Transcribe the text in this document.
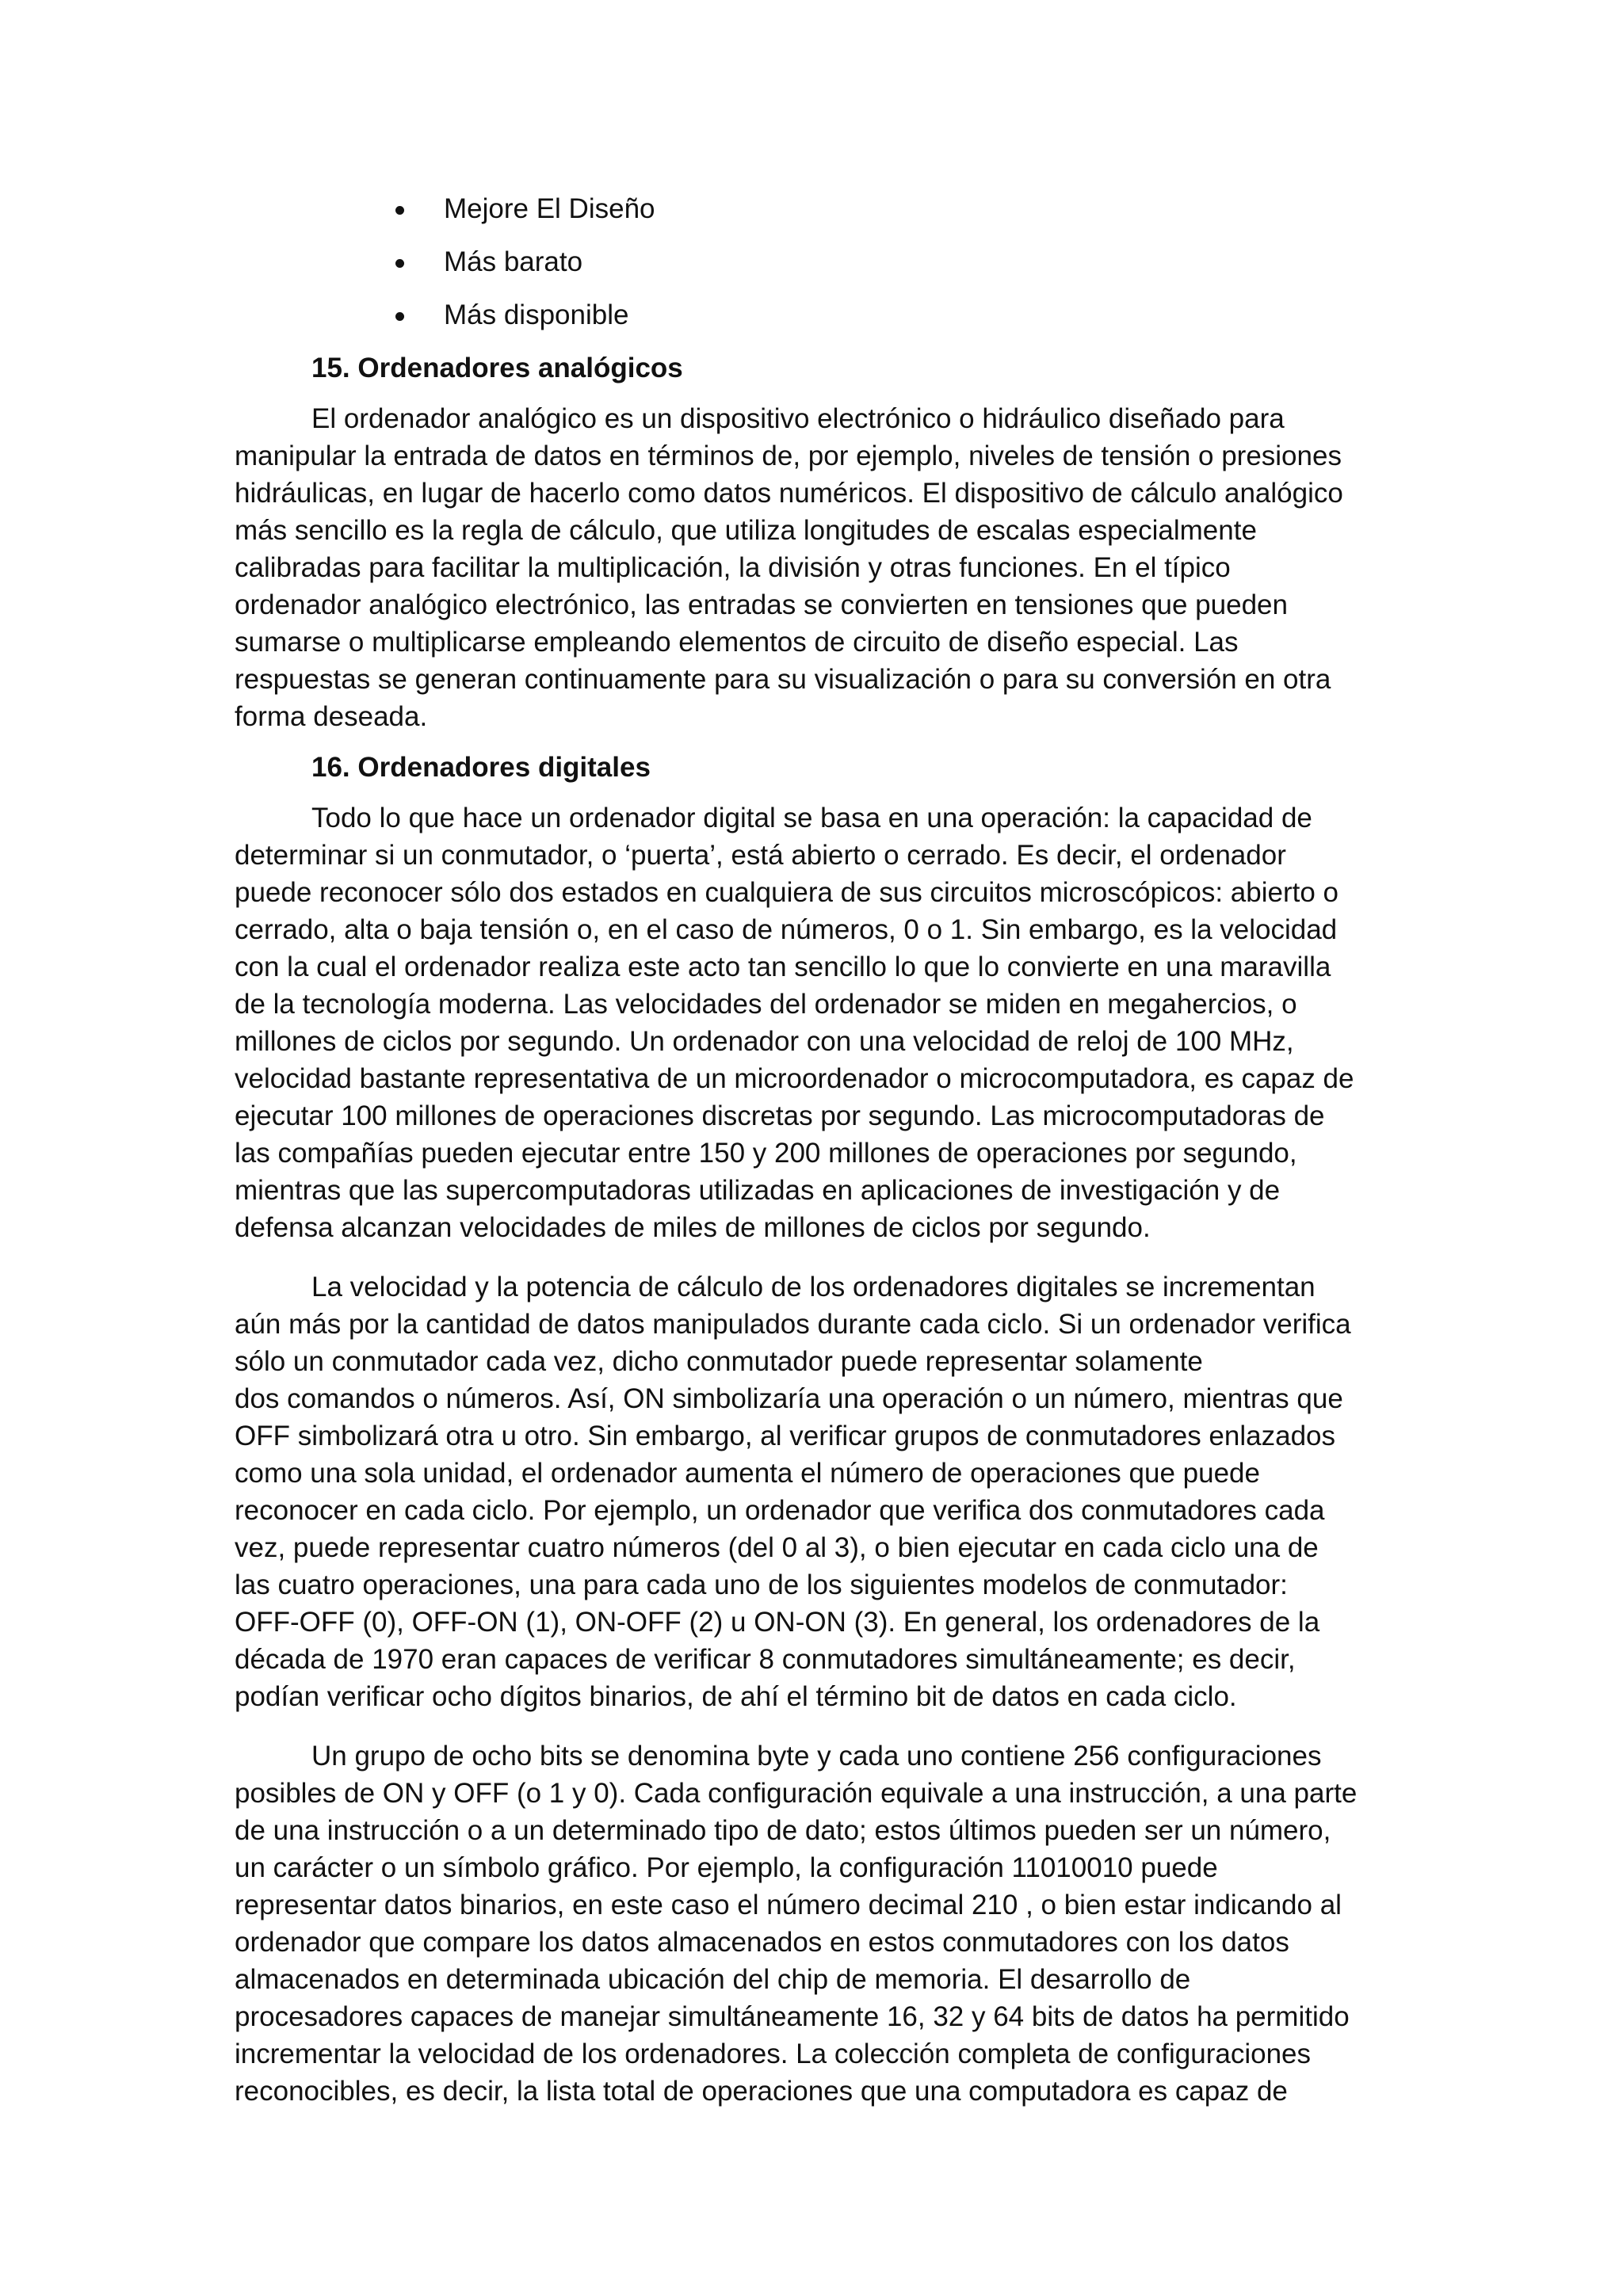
Mejore El Diseño
Más barato
Más disponible
15. Ordenadores analógicos

El ordenador analógico es un dispositivo electrónico o hidráulico diseñado para
manipular la entrada de datos en términos de, por ejemplo, niveles de tensión o presiones
hidráulicas, en lugar de hacerlo como datos numéricos. El dispositivo de cálculo analógico
más sencillo es la regla de cálculo, que utiliza longitudes de escalas especialmente
calibradas para facilitar la multiplicación, la división y otras funciones. En el típico
ordenador analógico electrónico, las entradas se convierten en tensiones que pueden
sumarse o multiplicarse empleando elementos de circuito de diseño especial. Las
respuestas se generan continuamente para su visualización o para su conversión en otra
forma deseada.

16. Ordenadores digitales

Todo lo que hace un ordenador digital se basa en una operación: la capacidad de
determinar si un conmutador, o ‘puerta’, está abierto o cerrado. Es decir, el ordenador
puede reconocer sólo dos estados en cualquiera de sus circuitos microscópicos: abierto o
cerrado, alta o baja tensión o, en el caso de números, 0 o 1. Sin embargo, es la velocidad
con la cual el ordenador realiza este acto tan sencillo lo que lo convierte en una maravilla
de la tecnología moderna. Las velocidades del ordenador se miden en megahercios, o
millones de ciclos por segundo. Un ordenador con una velocidad de reloj de 100 MHz,
velocidad bastante representativa de un microordenador o microcomputadora, es capaz de
ejecutar 100 millones de operaciones discretas por segundo. Las microcomputadoras de
las compañías pueden ejecutar entre 150 y 200 millones de operaciones por segundo,
mientras que las supercomputadoras utilizadas en aplicaciones de investigación y de
defensa alcanzan velocidades de miles de millones de ciclos por segundo.

La velocidad y la potencia de cálculo de los ordenadores digitales se incrementan
aún más por la cantidad de datos manipulados durante cada ciclo. Si un ordenador verifica
sólo un conmutador cada vez, dicho conmutador puede representar solamente
dos comandos o números. Así, ON simbolizaría una operación o un número, mientras que
OFF simbolizará otra u otro. Sin embargo, al verificar grupos de conmutadores enlazados
como una sola unidad, el ordenador aumenta el número de operaciones que puede
reconocer en cada ciclo. Por ejemplo, un ordenador que verifica dos conmutadores cada
vez, puede representar cuatro números (del 0 al 3), o bien ejecutar en cada ciclo una de
las cuatro operaciones, una para cada uno de los siguientes modelos de conmutador:
OFF-OFF (0), OFF-ON (1), ON-OFF (2) u ON-ON (3). En general, los ordenadores de la
década de 1970 eran capaces de verificar 8 conmutadores simultáneamente; es decir,
podían verificar ocho dígitos binarios, de ahí el término bit de datos en cada ciclo.

Un grupo de ocho bits se denomina byte y cada uno contiene 256 configuraciones
posibles de ON y OFF (o 1 y 0). Cada configuración equivale a una instrucción, a una parte
de una instrucción o a un determinado tipo de dato; estos últimos pueden ser un número,
un carácter o un símbolo gráfico. Por ejemplo, la configuración 11010010 puede
representar datos binarios, en este caso el número decimal 210 , o bien estar indicando al
ordenador que compare los datos almacenados en estos conmutadores con los datos
almacenados en determinada ubicación del chip de memoria. El desarrollo de
procesadores capaces de manejar simultáneamente 16, 32 y 64 bits de datos ha permitido
incrementar la velocidad de los ordenadores. La colección completa de configuraciones
reconocibles, es decir, la lista total de operaciones que una computadora es capaz de
